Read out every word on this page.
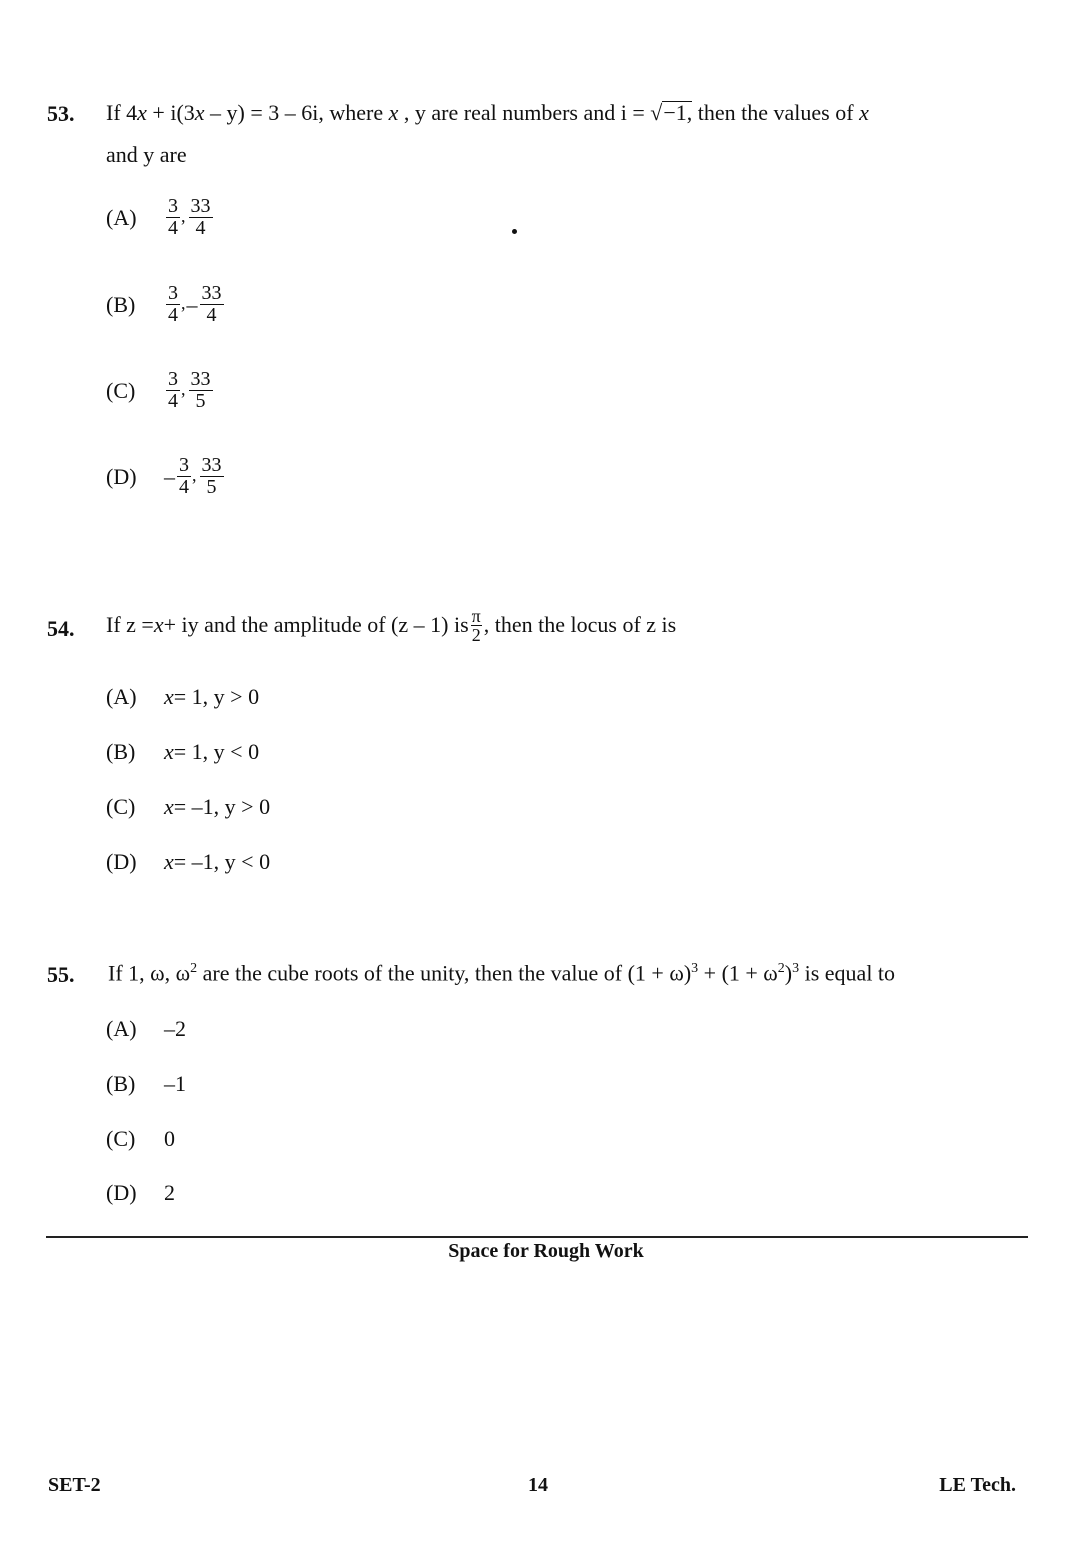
53. If 4x + i(3x – y) = 3 – 6i, where x , y are real numbers and i = √ −1, then the values of x
and y are
(A)	$\frac{3}{4}$ , $\frac{33}{4}$
(B)	$\frac{3}{4}$ , – $\frac{33}{4}$
(C)	$\frac{3}{4}$ , $\frac{33}{5}$
(D)	– $\frac{3}{4}$ , $\frac{33}{5}$
54. If z = x + iy and the amplitude of (z – 1) is $\frac{\pi}{2}$ , then the locus of z is
(A)	x = 1, y > 0
(B)	x = 1, y < 0
(C)	x = –1, y > 0
(D)	x = –1, y < 0
55. If 1, ω, $\omega^2$ are the cube roots of the unity, then the value of $(1 + \omega)^3 + (1 + \omega^2)^3$ is equal to
(A)	–2
(B)	–1
(C)	0
(D)	2
Space for Rough Work
SET-2	14	LE Tech.
